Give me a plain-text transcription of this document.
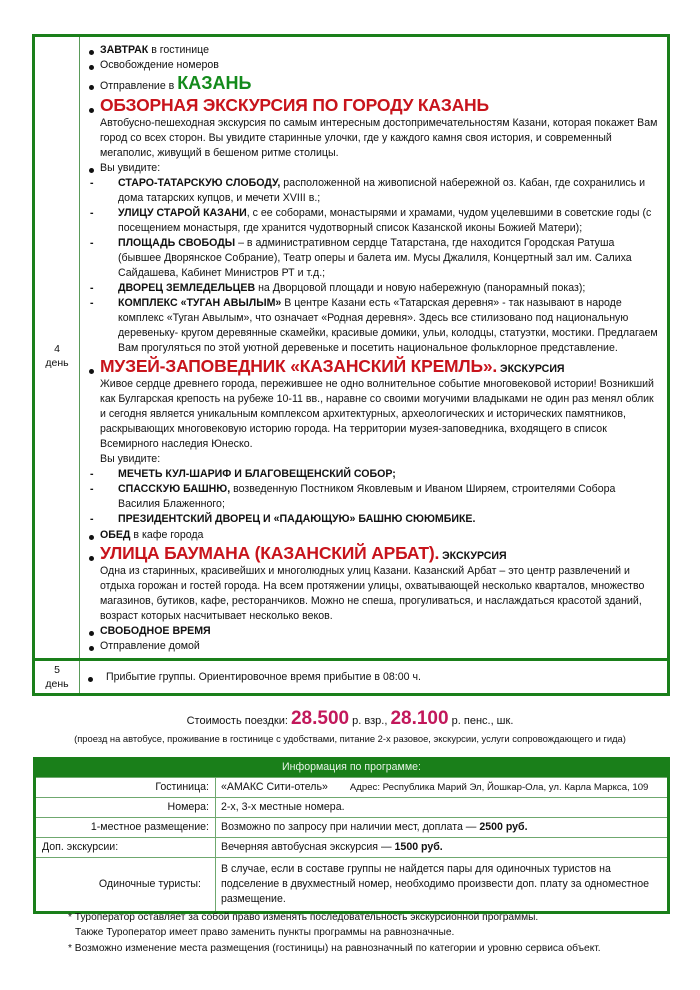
4
день
ЗАВТРАК в гостинице
Освобождение номеров
Отправление в КАЗАНЬ
ОБЗОРНАЯ ЭКСКУРСИЯ ПО ГОРОДУ КАЗАНЬ
Автобусно-пешеходная экскурсия по самым интересным достопримечательностям Казани, которая покажет Вам город со всех сторон. Вы увидите старинные улочки, где у каждого камня своя история, и современный мегаполис, живущий в бешеном ритме столицы.
Вы увидите:
- СТАРО-ТАТАРСКУЮ СЛОБОДУ, расположенной на живописной набережной оз. Кабан, где сохранились и дома татарских купцов, и мечети XVIII в.;
- УЛИЦУ СТАРОЙ КАЗАНИ, с ее соборами, монастырями и храмами, чудом уцелевшими в советские годы (с посещением монастыря, где хранится чудотворный список Казанской иконы Божией Матери);
- ПЛОЩАДЬ СВОБОДЫ – в административном сердце Татарстана, где находится Городская Ратуша (бывшее Дворянское Собрание), Театр оперы и балета им. Мусы Джалиля, Концертный зал им. Салиха Сайдашева, Кабинет Министров РТ и т.д.;
- ДВОРЕЦ ЗЕМЛЕДЕЛЬЦЕВ на Дворцовой площади и новую набережную (панорамный показ);
- КОМПЛЕКС «ТУГАН АВЫЛЫМ» В центре Казани есть «Татарская деревня» - так называют в народе комплекс «Туган Авылым», что означает «Родная деревня». Здесь все стилизовано под национальную деревеньку- кругом деревянные скамейки, красивые домики, ульи, колодцы, статуэтки, мостики. Предлагаем Вам прогуляться по этой уютной деревеньке и посетить национальное фольклорное представление.
МУЗЕЙ-ЗАПОВЕДНИК «КАЗАНСКИЙ КРЕМЛЬ». ЭКСКУРСИЯ
Живое сердце древнего города, пережившее не одно волнительное событие многовековой истории! Возникший как Булгарская крепость на рубеже 10-11 вв., наравне со своими могучими владыками не один раз менял облик и сегодня является уникальным комплексом архитектурных, археологических и исторических памятников, раскрывающих многовековую историю города. На территории музея-заповедника, входящего в список Всемирного наследия Юнеско.
Вы увидите:
- МЕЧЕТЬ КУЛ-ШАРИФ И БЛАГОВЕЩЕНСКИЙ СОБОР;
- СПАССКУЮ БАШНЮ, возведенную Постником Яковлевым и Иваном Ширяем, строителями Собора Василия Блаженного;
- ПРЕЗИДЕНТСКИЙ ДВОРЕЦ И «ПАДАЮЩУЮ» БАШНЮ СЮЮМБИКЕ.
ОБЕД в кафе города
УЛИЦА БАУМАНА (КАЗАНСКИЙ АРБАТ). ЭКСКУРСИЯ
Одна из старинных, красивейших и многолюдных улиц Казани. Казанский Арбат – это центр развлечений и отдыха горожан и гостей города. На всем протяжении улицы, охватывающей несколько кварталов, множество магазинов, бутиков, кафе, ресторанчиков. Можно не спеша, прогуливаться, и наслаждаться красотой зданий, возраст которых насчитывает несколько веков.
СВОБОДНОЕ ВРЕМЯ
Отправление домой
5
день
Прибытие группы. Ориентировочное время прибытие в 08:00 ч.
Стоимость поездки: 28.500 р. взр., 28.100 р. пенс., шк.
(проезд на автобусе, проживание в гостинице с удобствами, питание 2-х разовое, экскурсии, услуги сопровождающего и гида)
Информация по программе:
Гостиница:	«АМАКС Сити-отель» Адрес: Республика Марий Эл, Йошкар-Ола, ул. Карла Маркса, 109
Номера:	2-х, 3-х местные номера.
1-местное размещение:	Возможно по запросу при наличии мест, доплата — 2500 руб.
Доп. экскурсии:	Вечерняя автобусная экскурсия — 1500 руб.
Одиночные туристы:
В случае, если в составе группы не найдется пары для одиночных туристов на подселение в двухместный номер, необходимо произвести доп. плату за одноместное размещение.
* Туроператор оставляет за собой право изменять последовательность экскурсионной программы.
Также Туроператор имеет право заменить пункты программы на равнозначные.
* Возможно изменение места размещения (гостиницы) на равнозначный по категории и уровню сервиса объект.
